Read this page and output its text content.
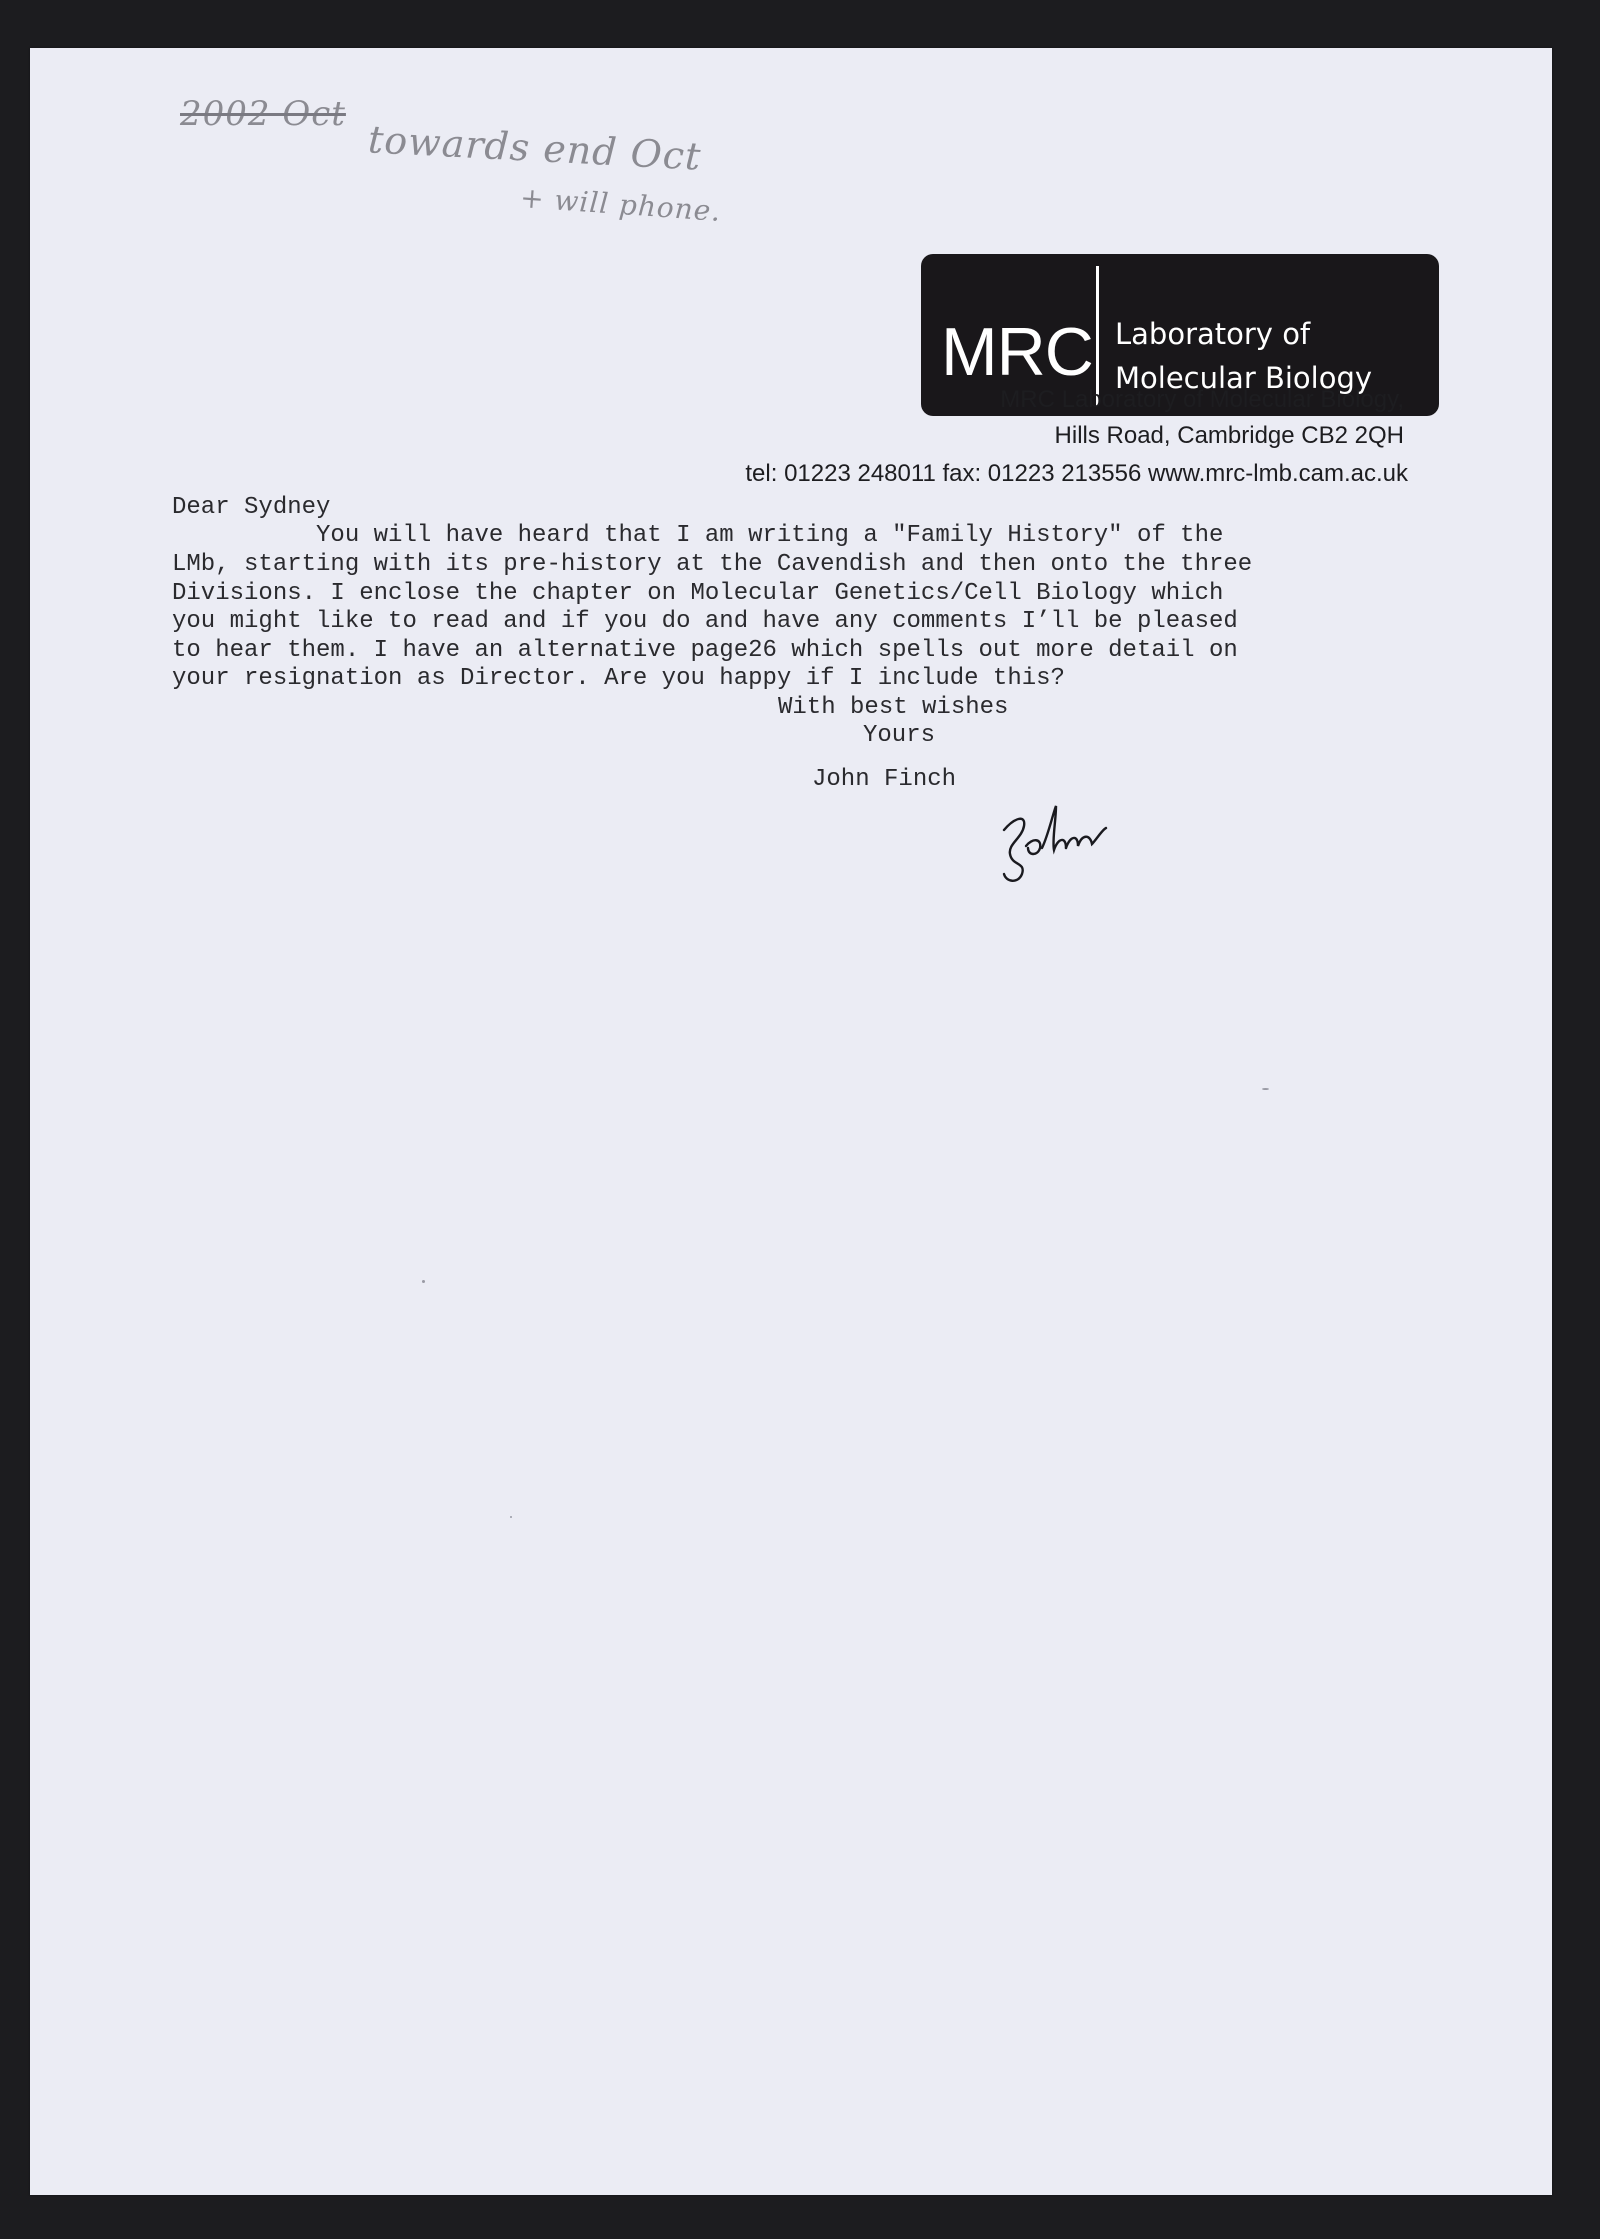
2002 Oct
towards end Oct
+ will phone.
MRC Laboratory of
Molecular Biology
MRC Laboratory of Molecular Biology,
Hills Road, Cambridge CB2 2QH
tel: 01223 248011 fax: 01223 213556 www.mrc-lmb.cam.ac.uk
Dear Sydney
You will have heard that I am writing a "Family History" of the
LMb, starting with its pre-history at the Cavendish and then onto the three
Divisions. I enclose the chapter on Molecular Genetics/Cell Biology which
you might like to read and if you do and have any comments I’ll be pleased
to hear them. I have an alternative page26 which spells out more detail on
your resignation as Director. Are you happy if I include this?
With best wishes
Yours
John Finch
